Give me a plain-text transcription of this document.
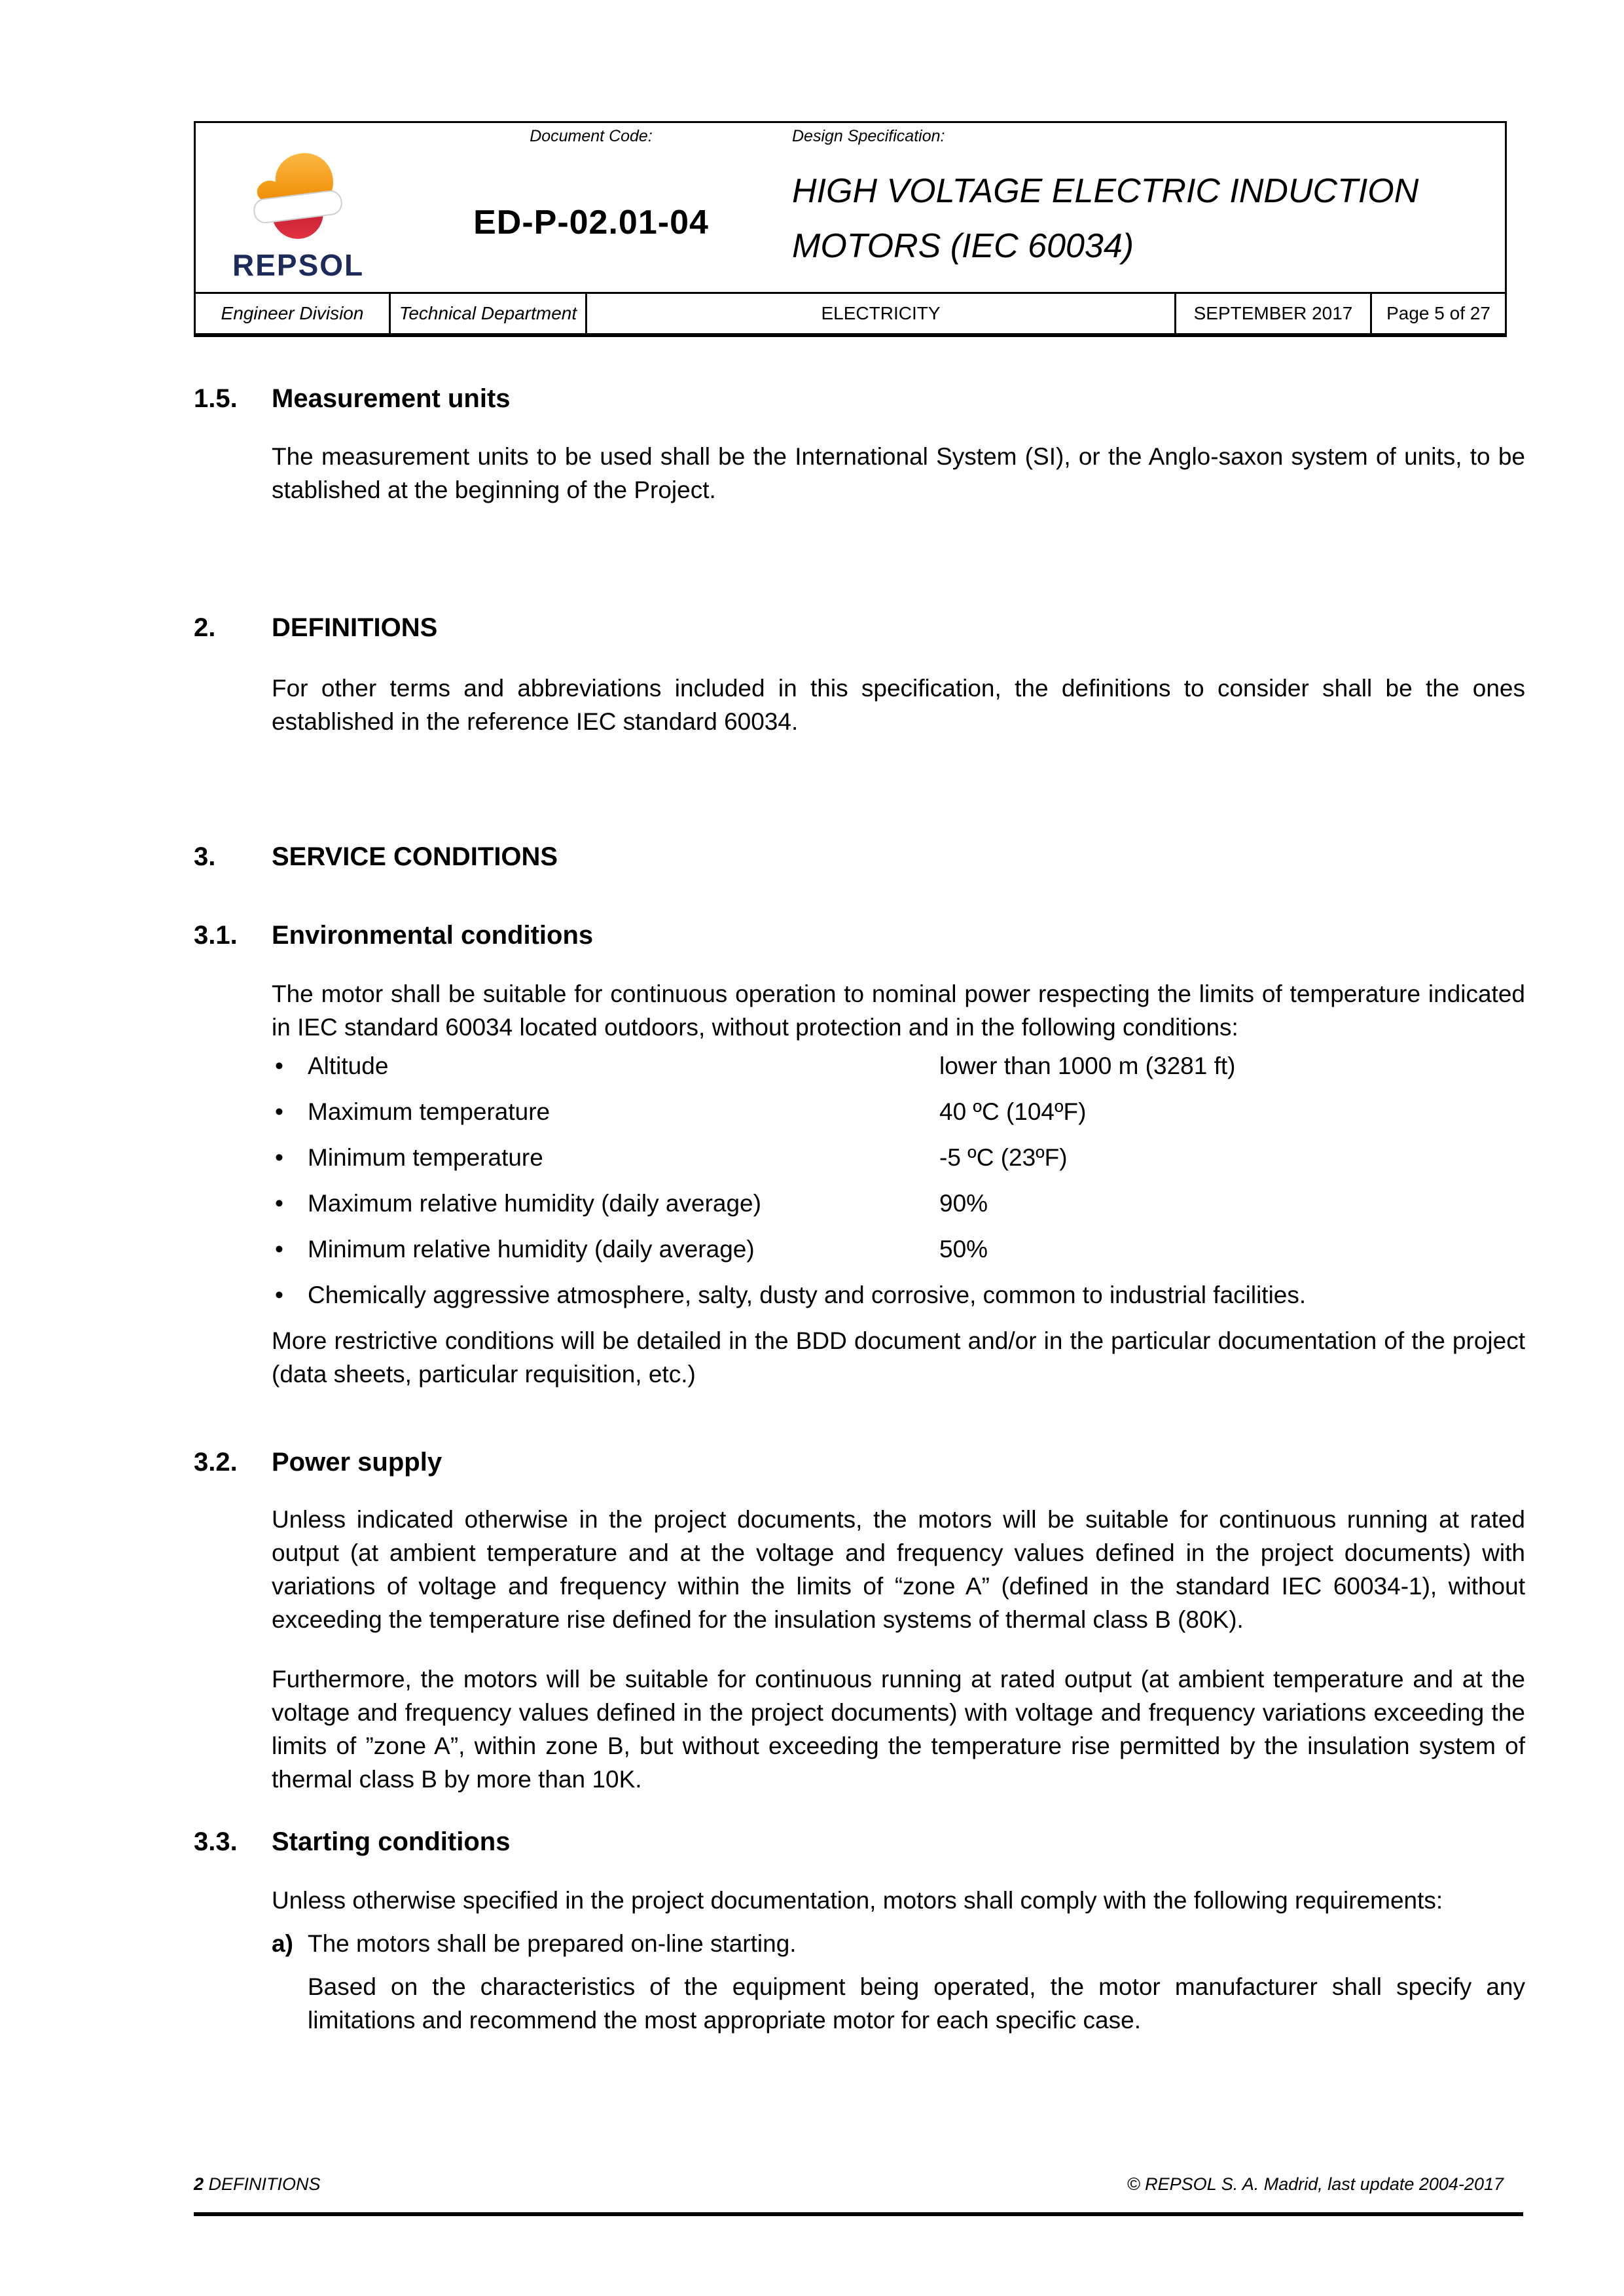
REPSOL
Document Code:
ED-P-02.01-04
Design Specification:
HIGH VOLTAGE ELECTRIC INDUCTION MOTORS (IEC 60034)
Engineer Division	Technical Department	ELECTRICITY	SEPTEMBER 2017	Page 5 of 27
1.5.	Measurement units
The measurement units to be used shall be the International System (SI), or the Anglo-saxon system of units, to be stablished at the beginning of the Project.
2.	DEFINITIONS
For other terms and abbreviations included in this specification, the definitions to consider shall be the ones established in the reference IEC standard 60034.
3.	SERVICE CONDITIONS
3.1.	Environmental conditions
The motor shall be suitable for continuous operation to nominal power respecting the limits of temperature indicated in IEC standard 60034 located outdoors, without protection and in the following conditions:
• Altitude	lower than 1000 m (3281 ft)
• Maximum temperature	40 ºC (104ºF)
• Minimum temperature	-5 ºC (23ºF)
• Maximum relative humidity (daily average)	90%
• Minimum relative humidity (daily average)	50%
• Chemically aggressive atmosphere, salty, dusty and corrosive, common to industrial facilities.
More restrictive conditions will be detailed in the BDD document and/or in the particular documentation of the project (data sheets, particular requisition, etc.)
3.2.	Power supply
Unless indicated otherwise in the project documents, the motors will be suitable for continuous running at rated output (at ambient temperature and at the voltage and frequency values defined in the project documents) with variations of voltage and frequency within the limits of “zone A” (defined in the standard IEC 60034-1), without exceeding the temperature rise defined for the insulation systems of thermal class B (80K).
Furthermore, the motors will be suitable for continuous running at rated output (at ambient temperature and at the voltage and frequency values defined in the project documents) with voltage and frequency variations exceeding the limits of ”zone A”, within zone B, but without exceeding the temperature rise permitted by the insulation system of thermal class B by more than 10K.
3.3.	Starting conditions
Unless otherwise specified in the project documentation, motors shall comply with the following requirements:
a) The motors shall be prepared on-line starting.
Based on the characteristics of the equipment being operated, the motor manufacturer shall specify any limitations and recommend the most appropriate motor for each specific case.
2 DEFINITIONS	© REPSOL S. A. Madrid, last update 2004-2017
